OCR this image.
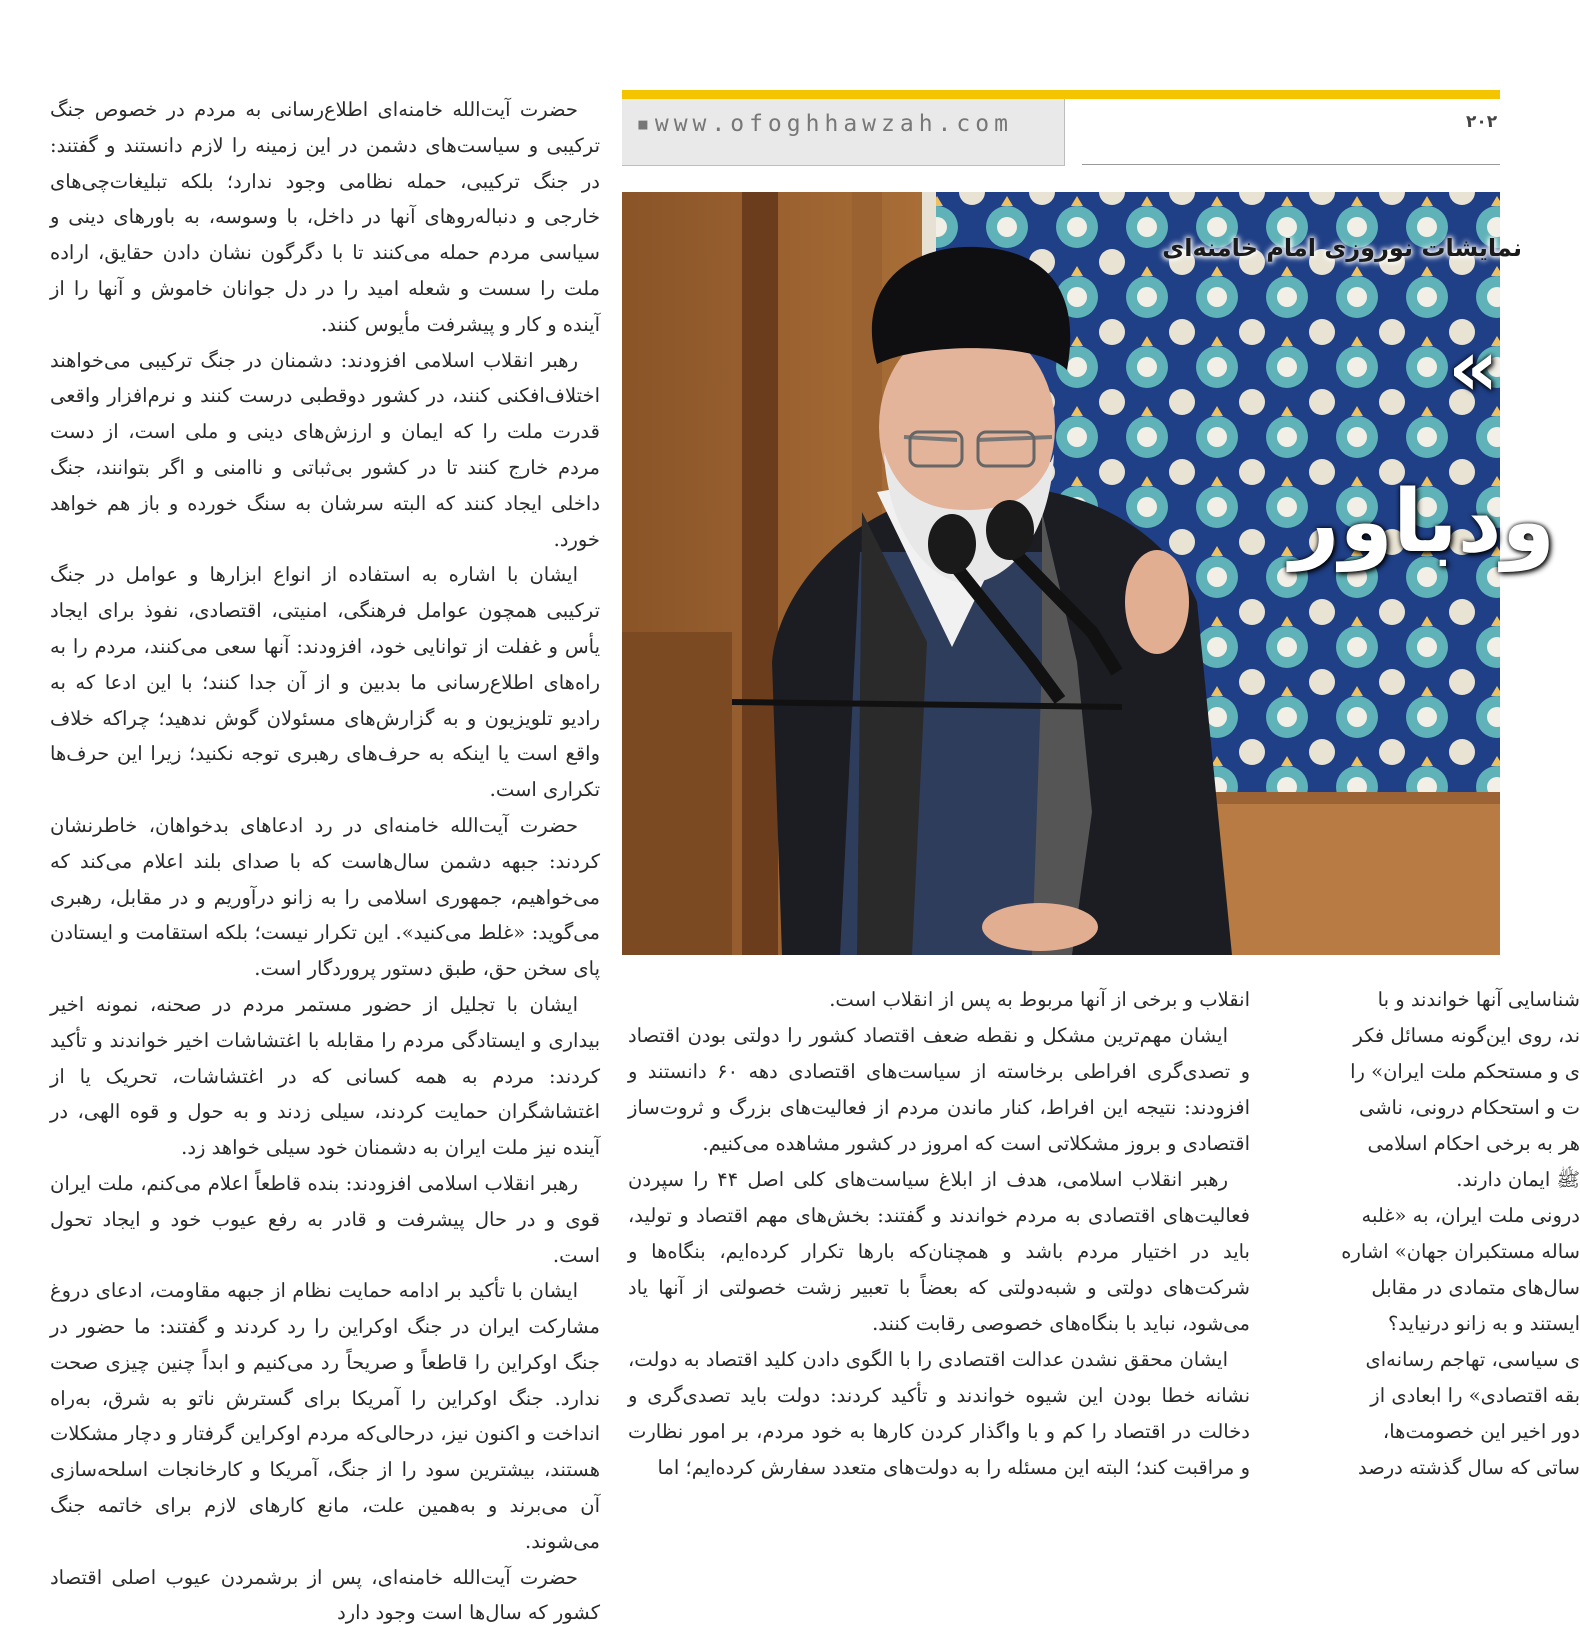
حضرت آیت‌الله خامنه‌ای اطلاع‌رسانی به مردم در خصوص جنگ ترکیبی و سیاست‌های دشمن در این زمینه را لازم دانستند و گفتند: در جنگ ترکیبی، حمله نظامی وجود ندارد؛ بلکه تبلیغات‌چی‌های خارجی و دنباله‌روهای آنها در داخل، با وسوسه، به باورهای دینی و سیاسی مردم حمله می‌کنند تا با دگرگون نشان دادن حقایق، اراده ملت را سست و شعله امید را در دل جوانان خاموش و آنها را از آینده و کار و پیشرفت مأیوس کنند.

رهبر انقلاب اسلامی افزودند: دشمنان در جنگ ترکیبی می‌خواهند اختلاف‌افکنی کنند، در کشور دوقطبی درست کنند و نرم‌افزار واقعی قدرت ملت را که ایمان و ارزش‌های دینی و ملی است، از دست مردم خارج کنند تا در کشور بی‌ثباتی و ناامنی و اگر بتوانند، جنگ داخلی ایجاد کنند که البته سرشان به سنگ خورده و باز هم خواهد خورد.

ایشان با اشاره به استفاده از انواع ابزارها و عوامل در جنگ ترکیبی همچون عوامل فرهنگی، امنیتی، اقتصادی، نفوذ برای ایجاد یأس و غفلت از توانایی خود، افزودند: آنها سعی می‌کنند، مردم را به راه‌های اطلاع‌رسانی ما بدبین و از آن جدا کنند؛ با این ادعا که به رادیو تلویزیون و به گزارش‌های مسئولان گوش ندهید؛ چراکه خلاف واقع است یا اینکه به حرف‌های رهبری توجه نکنید؛ زیرا این حرف‌ها تکراری است.

حضرت آیت‌الله خامنه‌ای در رد ادعاهای بدخواهان، خاطرنشان کردند: جبهه دشمن سال‌هاست که با صدای بلند اعلام می‌کند که می‌خواهیم، جمهوری اسلامی را به زانو درآوریم و در مقابل، رهبری می‌گوید: «غلط می‌کنید». این تکرار نیست؛ بلکه استقامت و ایستادن پای سخن حق، طبق دستور پروردگار است.

ایشان با تجلیل از حضور مستمر مردم در صحنه، نمونه اخیر بیداری و ایستادگی مردم را مقابله با اغتشاشات اخیر خواندند و تأکید کردند: مردم به همه کسانی که در اغتشاشات، تحریک یا از اغتشاشگران حمایت کردند، سیلی زدند و به حول و قوه الهی، در آینده نیز ملت ایران به دشمنان خود سیلی خواهد زد.

رهبر انقلاب اسلامی افزودند: بنده قاطعاً اعلام می‌کنم، ملت ایران قوی و در حال پیشرفت و قادر به رفع عیوب خود و ایجاد تحول است.

ایشان با تأکید بر ادامه حمایت نظام از جبهه مقاومت، ادعای دروغ مشارکت ایران در جنگ اوکراین را رد کردند و گفتند: ما حضور در جنگ اوکراین را قاطعاً و صریحاً رد می‌کنیم و ابداً چنین چیزی صحت ندارد. جنگ اوکراین را آمریکا برای گسترش ناتو به شرق، به‌راه انداخت و اکنون نیز، درحالی‌که مردم اوکراین گرفتار و دچار مشکلات هستند، بیشترین سود را از جنگ، آمریکا و کارخانجات اسلحه‌سازی آن می‌برند و به‌همین علت، مانع کارهای لازم برای خاتمه جنگ می‌شوند.

حضرت آیت‌الله خامنه‌ای، پس از برشمردن عیوب اصلی اقتصاد کشور که سال‌ها است وجود دارد

▪www.ofoghhawzah.com	۲۰۲
نمایشات نوروزی امام خامنه‌ای
»
ودباور

انقلاب و برخی از آنها مربوط به پس از انقلاب است.

ایشان مهم‌ترین مشکل و نقطه ضعف اقتصاد کشور را دولتی بودن اقتصاد و تصدی‌گری افراطی برخاسته از سیاست‌های اقتصادی دهه ۶۰ دانستند و افزودند: نتیجه این افراط، کنار ماندن مردم از فعالیت‌های بزرگ و ثروت‌ساز اقتصادی و بروز مشکلاتی است که امروز در کشور مشاهده می‌کنیم.

رهبر انقلاب اسلامی، هدف از ابلاغ سیاست‌های کلی اصل ۴۴ را سپردن فعالیت‌های اقتصادی به مردم خواندند و گفتند: بخش‌های مهم اقتصاد و تولید، باید در اختیار مردم باشد و همچنان‌که بارها تکرار کرده‌ایم، بنگاه‌ها و شرکت‌های دولتی و شبه‌دولتی که بعضاً با تعبیر زشت خصولتی از آنها یاد می‌شود، نباید با بنگاه‌های خصوصی رقابت کنند.

ایشان محقق نشدن عدالت اقتصادی را با الگوی دادن کلید اقتصاد به دولت، نشانه خطا بودن این شیوه خواندند و تأکید کردند: دولت باید تصدی‌گری و دخالت در اقتصاد را کم و با واگذار کردن کارها به خود مردم، بر امور نظارت و مراقبت کند؛ البته این مسئله را به دولت‌های متعدد سفارش کرده‌ایم؛ اما

شناسایی آنها خواندند و با

ند، روی این‌گونه مسائل فکر

ی و مستحکم ملت ایران» را

ت و استحکام درونی، ناشی

هر به برخی احکام اسلامی

ﷺ ایمان دارند.

درونی ملت ایران، به «غلبه

ساله مستکبران جهان» اشاره

سال‌های متمادی در مقابل

ایستند و به زانو درنیاید؟

ی سیاسی، تهاجم رسانه‌ای

بقه اقتصادی» را ابعادی از

دور اخیر این خصومت‌ها،

ساتی که سال گذشته درصد
